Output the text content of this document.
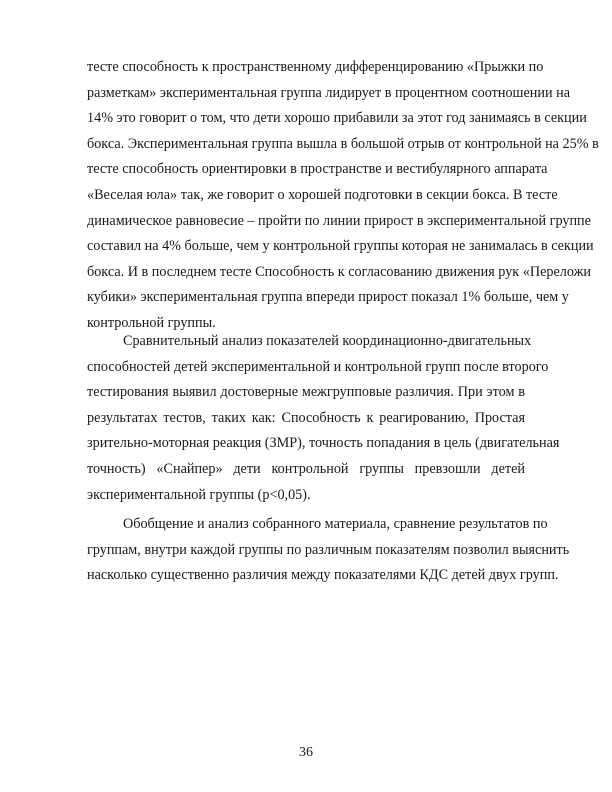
тесте способность к пространственному дифференцированию «Прыжки по
разметкам» экспериментальная группа лидирует в процентном соотношении на
14% это говорит о том, что дети хорошо прибавили за этот год занимаясь в секции
бокса. Экспериментальная группа вышла в большой отрыв от контрольной на 25% в
тесте способность ориентировки в пространстве и вестибулярного аппарата
«Веселая юла» так, же говорит о хорошей подготовки в секции бокса. В тесте
динамическое равновесие – пройти по линии прирост в экспериментальной группе
составил на 4% больше, чем у контрольной группы которая не занималась в секции
бокса. И в последнем тесте Способность к согласованию движения рук «Переложи
кубики» экспериментальная группа впереди прирост показал 1% больше, чем у
контрольной группы.
Сравнительный анализ показателей координационно-двигательных
способностей детей экспериментальной и контрольной групп после второго
тестирования выявил достоверные межгрупповые различия. При этом в
результатах тестов, таких как: Способность к реагированию, Простая
зрительно-моторная реакция (ЗМР), точность попадания в цель (двигательная
точность) «Снайпер» дети контрольной группы превзошли детей
экспериментальной группы (p<0,05).
Обобщение и анализ собранного материала, сравнение результатов по
группам, внутри каждой группы по различным показателям позволил выяснить
насколько существенно различия между показателями КДС детей двух групп.
36
